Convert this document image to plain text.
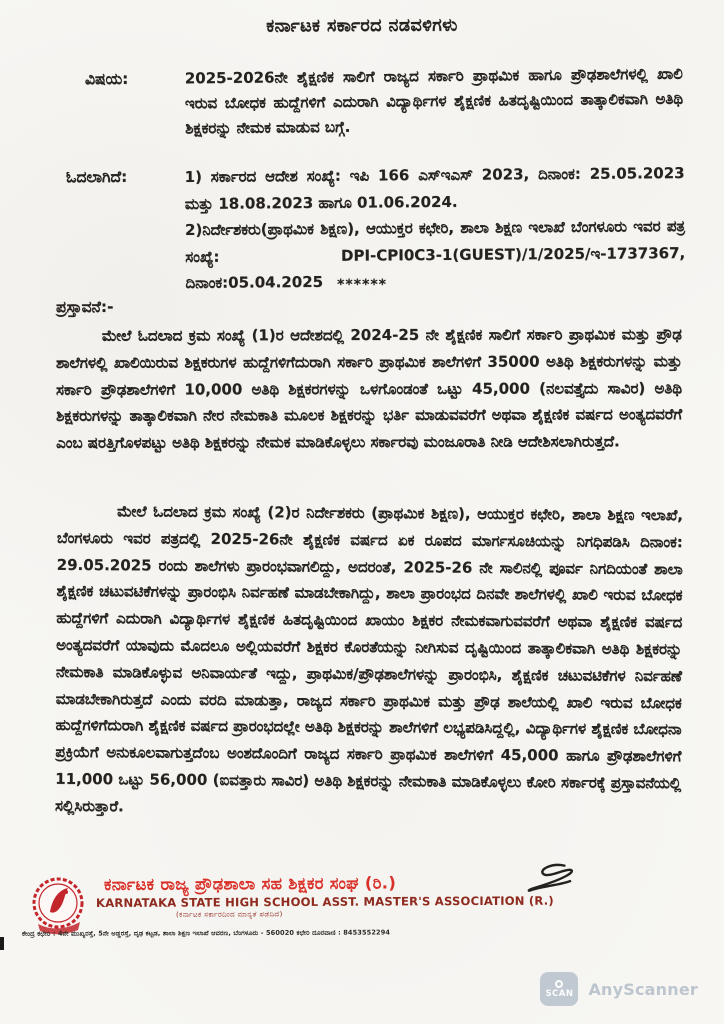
ಕರ್ನಾಟಕ ಸರ್ಕಾರದ ನಡವಳಿಗಳು
ವಿಷಯ:	2025-2026ನೇ ಶೈಕ್ಷಣಿಕ ಸಾಲಿಗೆ ರಾಜ್ಯದ ಸರ್ಕಾರಿ ಪ್ರಾಥಮಿಕ ಹಾಗೂ ಪ್ರೌಢಶಾಲೆಗಳಲ್ಲಿ ಖಾಲಿ ಇರುವ ಬೋಧಕ ಹುದ್ದೆಗಳಿಗೆ ಎದುರಾಗಿ ವಿದ್ಯಾರ್ಥಿಗಳ ಶೈಕ್ಷಣಿಕ ಹಿತದೃಷ್ಟಿಯಿಂದ ತಾತ್ಕಾಲಿಕವಾಗಿ ಅತಿಥಿ ಶಿಕ್ಷಕರನ್ನು ನೇಮಕ ಮಾಡುವ ಬಗ್ಗೆ.

ಓದಲಾಗಿದೆ:	1) ಸರ್ಕಾರದ ಆದೇಶ ಸಂಖ್ಯೆ: ಇಪಿ 166 ಎಸ್‌ಇಎಸ್ 2023, ದಿನಾಂಕ: 25.05.2023 ಮತ್ತು 18.08.2023 ಹಾಗೂ 01.06.2024.

2)ನಿರ್ದೇಶಕರು(ಪ್ರಾಥಮಿಕ ಶಿಕ್ಷಣ), ಆಯುಕ್ತರ ಕಛೇರಿ, ಶಾಲಾ ಶಿಕ್ಷಣ ಇಲಾಖೆ ಬೆಂಗಳೂರು ಇವರ ಪತ್ರ ಸಂಖ್ಯೆ: DPI-CPI0C3-1(GUEST)/1/2025/ಇ-1737367, ದಿನಾಂಕ:05.04.2025 ******
ಪ್ರಸ್ತಾವನೆ:-

ಮೇಲೆ ಓದಲಾದ ಕ್ರಮ ಸಂಖ್ಯೆ (1)ರ ಆದೇಶದಲ್ಲಿ 2024-25 ನೇ ಶೈಕ್ಷಣಿಕ ಸಾಲಿಗೆ ಸರ್ಕಾರಿ ಪ್ರಾಥಮಿಕ ಮತ್ತು ಪ್ರೌಢ ಶಾಲೆಗಳಲ್ಲಿ ಖಾಲಿಯಿರುವ ಶಿಕ್ಷಕರುಗಳ ಹುದ್ದೆಗಳಿಗೆದುರಾಗಿ ಸರ್ಕಾರಿ ಪ್ರಾಥಮಿಕ ಶಾಲೆಗಳಿಗೆ 35000 ಅತಿಥಿ ಶಿಕ್ಷಕರುಗಳನ್ನು ಮತ್ತು ಸರ್ಕಾರಿ ಪ್ರೌಢಶಾಲೆಗಳಿಗೆ 10,000 ಅತಿಥಿ ಶಿಕ್ಷಕರಗಳನ್ನು ಒಳಗೊಂಡಂತೆ ಒಟ್ಟು 45,000 (ನಲವತ್ತೈದು ಸಾವಿರ) ಅತಿಥಿ ಶಿಕ್ಷಕರುಗಳನ್ನು ತಾತ್ಕಾಲಿಕವಾಗಿ ನೇರ ನೇಮಕಾತಿ ಮೂಲಕ ಶಿಕ್ಷಕರನ್ನು ಭರ್ತಿ ಮಾಡುವವರೆಗೆ ಅಥವಾ ಶೈಕ್ಷಣಿಕ ವರ್ಷದ ಅಂತ್ಯದವರೆಗೆ ಎಂಬ ಷರತ್ತಿಗೊಳಪಟ್ಟು ಅತಿಥಿ ಶಿಕ್ಷಕರನ್ನು ನೇಮಕ ಮಾಡಿಕೊಳ್ಳಲು ಸರ್ಕಾರವು ಮಂಜೂರಾತಿ ನೀಡಿ ಆದೇಶಿಸಲಾಗಿರುತ್ತದೆ.

ಮೇಲೆ ಓದಲಾದ ಕ್ರಮ ಸಂಖ್ಯೆ (2)ರ ನಿರ್ದೇಶಕರು (ಪ್ರಾಥಮಿಕ ಶಿಕ್ಷಣ), ಆಯುಕ್ತರ ಕಛೇರಿ, ಶಾಲಾ ಶಿಕ್ಷಣ ಇಲಾಖೆ, ಬೆಂಗಳೂರು ಇವರ ಪತ್ರದಲ್ಲಿ 2025-26ನೇ ಶೈಕ್ಷಣಿಕ ವರ್ಷದ ಏಕ ರೂಪದ ಮಾರ್ಗಸೂಚಿಯನ್ನು ನಿಗಧಿಪಡಿಸಿ ದಿನಾಂಕ: 29.05.2025 ರಂದು ಶಾಲೆಗಳು ಪ್ರಾರಂಭವಾಗಲಿದ್ದು, ಅದರಂತೆ, 2025-26 ನೇ ಸಾಲಿನಲ್ಲಿ ಪೂರ್ವ ನಿಗದಿಯಂತೆ ಶಾಲಾ ಶೈಕ್ಷಣಿಕ ಚಟುವಟಿಕೆಗಳನ್ನು ಪ್ರಾರಂಭಿಸಿ ನಿರ್ವಹಣೆ ಮಾಡಬೇಕಾಗಿದ್ದು, ಶಾಲಾ ಪ್ರಾರಂಭದ ದಿನವೇ ಶಾಲೆಗಳಲ್ಲಿ ಖಾಲಿ ಇರುವ ಬೋಧಕ ಹುದ್ದೆಗಳಿಗೆ ಎದುರಾಗಿ ವಿದ್ಯಾರ್ಥಿಗಳ ಶೈಕ್ಷಣಿಕ ಹಿತದೃಷ್ಟಿಯಿಂದ ಖಾಯಂ ಶಿಕ್ಷಕರ ನೇಮಕವಾಗುವವರೆಗೆ ಅಥವಾ ಶೈಕ್ಷಣಿಕ ವರ್ಷದ ಅಂತ್ಯದವರೆಗೆ ಯಾವುದು ಮೊದಲೂ ಅಲ್ಲಿಯವರೆಗೆ ಶಿಕ್ಷಕರ ಕೊರತೆಯನ್ನು ನೀಗಿಸುವ ದೃಷ್ಟಿಯಿಂದ ತಾತ್ಕಾಲಿಕವಾಗಿ ಅತಿಥಿ ಶಿಕ್ಷಕರನ್ನು ನೇಮಕಾತಿ ಮಾಡಿಕೊಳ್ಳುವ ಅನಿವಾರ್ಯತೆ ಇದ್ದು, ಪ್ರಾಥಮಿಕ/ಪ್ರೌಢಶಾಲೆಗಳನ್ನು ಪ್ರಾರಂಭಿಸಿ, ಶೈಕ್ಷಣಿಕ ಚಟುವಟಿಕೆಗಳ ನಿರ್ವಹಣೆ ಮಾಡಬೇಕಾಗಿರುತ್ತದೆ ಎಂದು ವರದಿ ಮಾಡುತ್ತಾ, ರಾಜ್ಯದ ಸರ್ಕಾರಿ ಪ್ರಾಥಮಿಕ ಮತ್ತು ಪ್ರೌಢ ಶಾಲೆಯಲ್ಲಿ ಖಾಲಿ ಇರುವ ಬೋಧಕ ಹುದ್ದೆಗಳಿಗೆದುರಾಗಿ ಶೈಕ್ಷಣಿಕ ವರ್ಷದ ಪ್ರಾರಂಭದಲ್ಲೇ ಅತಿಥಿ ಶಿಕ್ಷಕರನ್ನು ಶಾಲೆಗಳಿಗೆ ಲಭ್ಯಪಡಿಸಿದ್ದಲ್ಲಿ, ವಿದ್ಯಾರ್ಥಿಗಳ ಶೈಕ್ಷಣಿಕ ಬೋಧನಾ ಪ್ರಕ್ರಿಯೆಗೆ ಅನುಕೂಲವಾಗುತ್ತದೆಂಬ ಅಂಶದೊಂದಿಗೆ ರಾಜ್ಯದ ಸರ್ಕಾರಿ ಪ್ರಾಥಮಿಕ ಶಾಲೆಗಳಿಗೆ 45,000 ಹಾಗೂ ಪ್ರೌಢಶಾಲೆಗಳಿಗೆ 11,000 ಒಟ್ಟು 56,000 (ಐವತ್ತಾರು ಸಾವಿರ) ಅತಿಥಿ ಶಿಕ್ಷಕರನ್ನು ನೇಮಕಾತಿ ಮಾಡಿಕೊಳ್ಳಲು ಕೋರಿ ಸರ್ಕಾರಕ್ಕೆ ಪ್ರಸ್ತಾವನೆಯಲ್ಲಿ ಸಲ್ಲಿಸಿರುತ್ತಾರೆ.

ಕರ್ನಾಟಕ ರಾಜ್ಯ ಪ್ರೌಢಶಾಲಾ ಸಹ ಶಿಕ್ಷಕರ ಸಂಘ (ರಿ.)

KARNATAKA STATE HIGH SCHOOL ASST. MASTER'S ASSOCIATION (R.)

(ಕರ್ನಾಟಕ ಸರ್ಕಾರದಿಂದ ಮಾನ್ಯತೆ ಪಡೆದಿದೆ)

ಕೇಂದ್ರ ಕಛೇರಿ : 4ನೇ ಮುಖ್ಯರಸ್ತೆ, 5ನೇ ಅಡ್ಡರಸ್ತೆ, ದೃಢ ಕಟ್ಟಡ, ಶಾಲಾ ಶಿಕ್ಷಣ ಇಲಾಖೆ ಆವರಣ, ಬೆಂಗಳೂರು - 560020 ಕಛೇರಿ ದೂರವಾಣಿ : 8453552294
SCAN AnyScanner
